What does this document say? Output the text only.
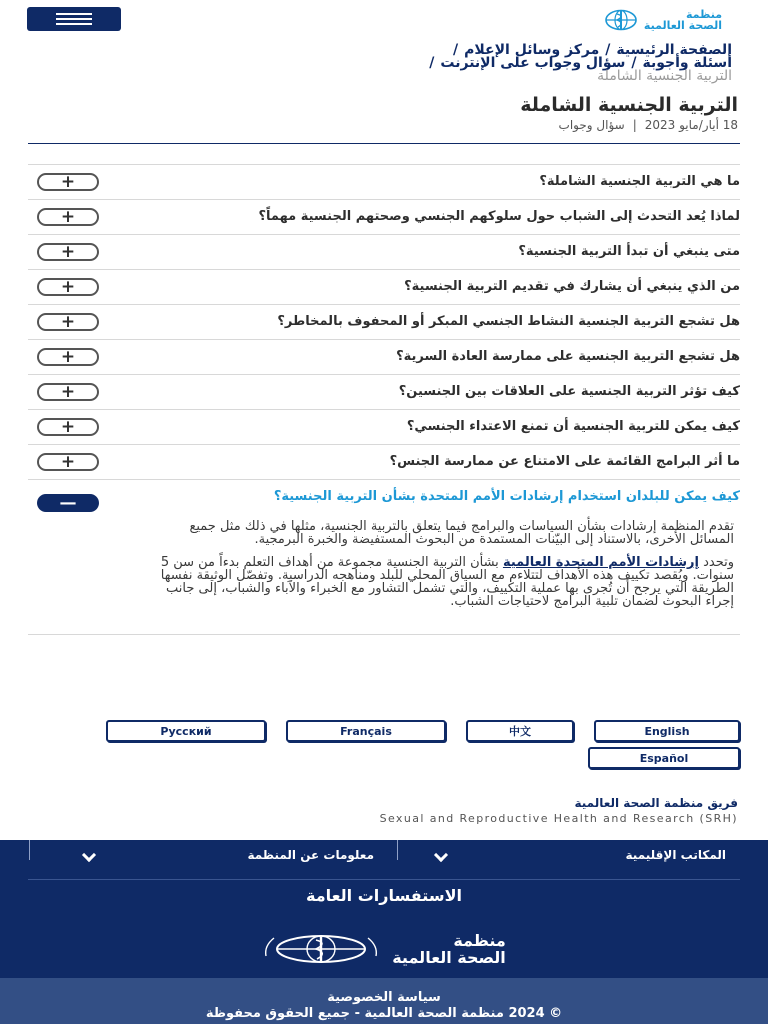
منظمة
الصحة العالمية
الصفحة الرئيسية/مركز وسائل الإعلام/
أسئلة وأجوبة/سؤال وجواب على الإنترنت/
التربية الجنسية الشاملة
التربية الجنسية الشاملة
18 أيار/مايو 2023|سؤال وجواب
ما هي التربية الجنسية الشاملة؟
+
لماذا يُعد التحدث إلى الشباب حول سلوكهم الجنسي وصحتهم الجنسية مهماً؟
+
متى ينبغي أن تبدأ التربية الجنسية؟
+
من الذي ينبغي أن يشارك في تقديم التربية الجنسية؟
+
هل تشجع التربية الجنسية النشاط الجنسي المبكر أو المحفوف بالمخاطر؟
+
هل تشجع التربية الجنسية على ممارسة العادة السرية؟
+
كيف تؤثر التربية الجنسية على العلاقات بين الجنسين؟
+
كيف يمكن للتربية الجنسية أن تمنع الاعتداء الجنسي؟
+
ما أثر البرامج القائمة على الامتناع عن ممارسة الجنس؟
+
كيف يمكن للبلدان استخدام إرشادات الأمم المتحدة بشأن التربية الجنسية؟
—

تقدم المنظمة إرشادات بشأن السياسات والبرامج فيما يتعلق بالتربية الجنسية، مثلها في ذلك مثل جميع المسائل الأخرى، بالاستناد إلى البيّنات المستمدة من البحوث المستفيضة والخبرة البرمجية.

وتحدد إرشادات الأمم المتحدة العالمية بشأن التربية الجنسية مجموعة من أهداف التعلم بدءاً من سن 5 سنوات. ويُقصد تكييف هذه الأهداف لتتلاءم مع السياق المحلي للبلد ومناهجه الدراسية. وتفصّل الوثيقة نفسها الطريقة التي يرجح أن تُجرى بها عملية التكييف، والتي تشمل التشاور مع الخبراء والآباء والشباب، إلى جانب إجراء البحوث لضمان تلبية البرامج لاحتياجات الشباب.

English
中文
Français
Русский
Español
فريق منظمة الصحة العالمية
Sexual and Reproductive Health and Research (SRH)
المكاتب الإقليمية
معلومات عن المنظمة
الاستفسارات العامة
منظمة
الصحة العالمية
سياسة الخصوصية
© 2024 منظمة الصحة العالمية - جميع الحقوق محفوظة
